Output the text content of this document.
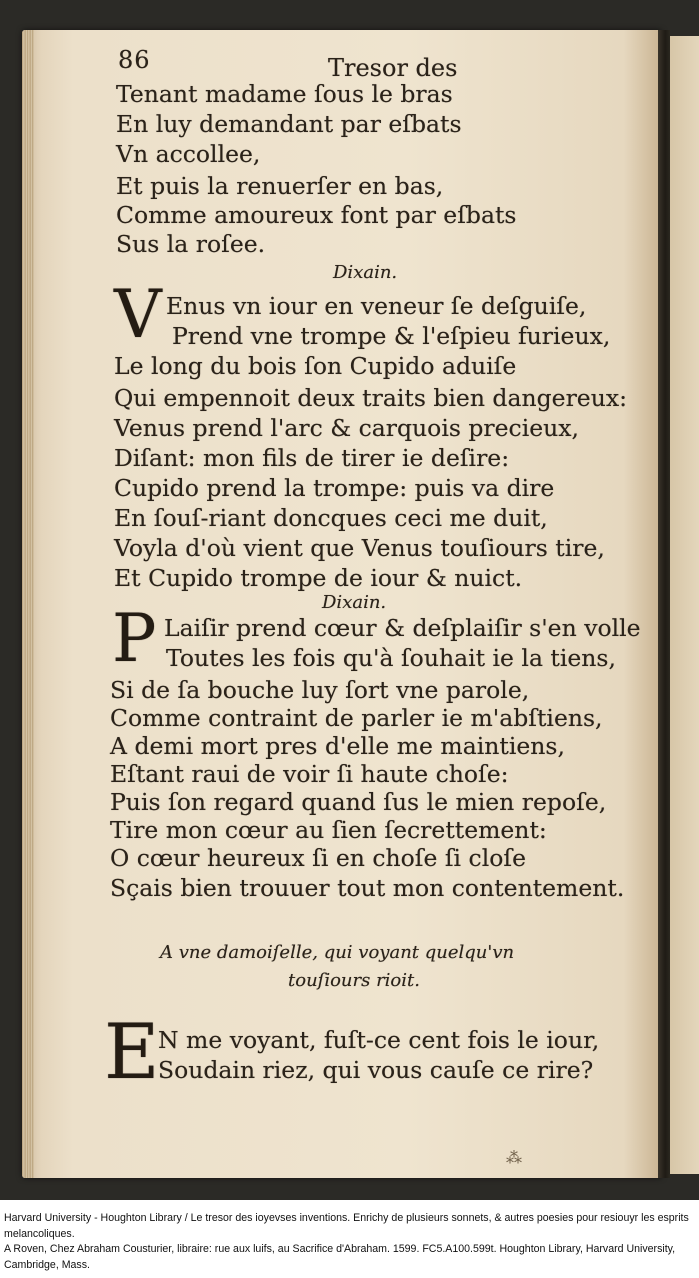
86	Tresor des
Tenant madame ſous le bras
En luy demandant par eſbats
Vn accollee,
Et puis la renuerſer en bas,
Comme amoureux font par eſbats
Sus la roſee.
Dixain.
V Enus vn iour en veneur ſe deſguiſe,
Prend vne trompe & l'eſpieu furieux,
Le long du bois ſon Cupido aduiſe
Qui empennoit deux traits bien dangereux:
Venus prend l'arc & carquois precieux,
Diſant: mon fils de tirer ie deſire:
Cupido prend la trompe: puis va dire
En ſouſ-riant doncques ceci me duit,
Voyla d'où vient que Venus touſiours tire,
Et Cupido trompe de iour & nuict.
Dixain.
P Laiſir prend cœur & deſplaiſir s'en volle
Toutes les fois qu'à ſouhait ie la tiens,
Si de ſa bouche luy ſort vne parole,
Comme contraint de parler ie m'abſtiens,
A demi mort pres d'elle me maintiens,
Eſtant raui de voir ſi haute choſe:
Puis ſon regard quand ſus le mien repoſe,
Tire mon cœur au ſien ſecrettement:
O cœur heureux ſi en choſe ſi cloſe
Sçais bien trouuer tout mon contentement.
A vne damoiſelle, qui voyant quelqu'vn
touſiours rioit.
E
N me voyant, fuſt-ce cent fois le iour,
Soudain riez, qui vous cauſe ce rire?
⁂

Harvard University - Houghton Library / Le tresor des ioyevses inventions. Enrichy de plusieurs sonnets, & autres poesies pour resiouyr les esprits melancoliques.

A Roven, Chez Abraham Cousturier, libraire: rue aux luifs, au Sacrifice d'Abraham. 1599. FC5.A100.599t. Houghton Library, Harvard University, Cambridge, Mass.
